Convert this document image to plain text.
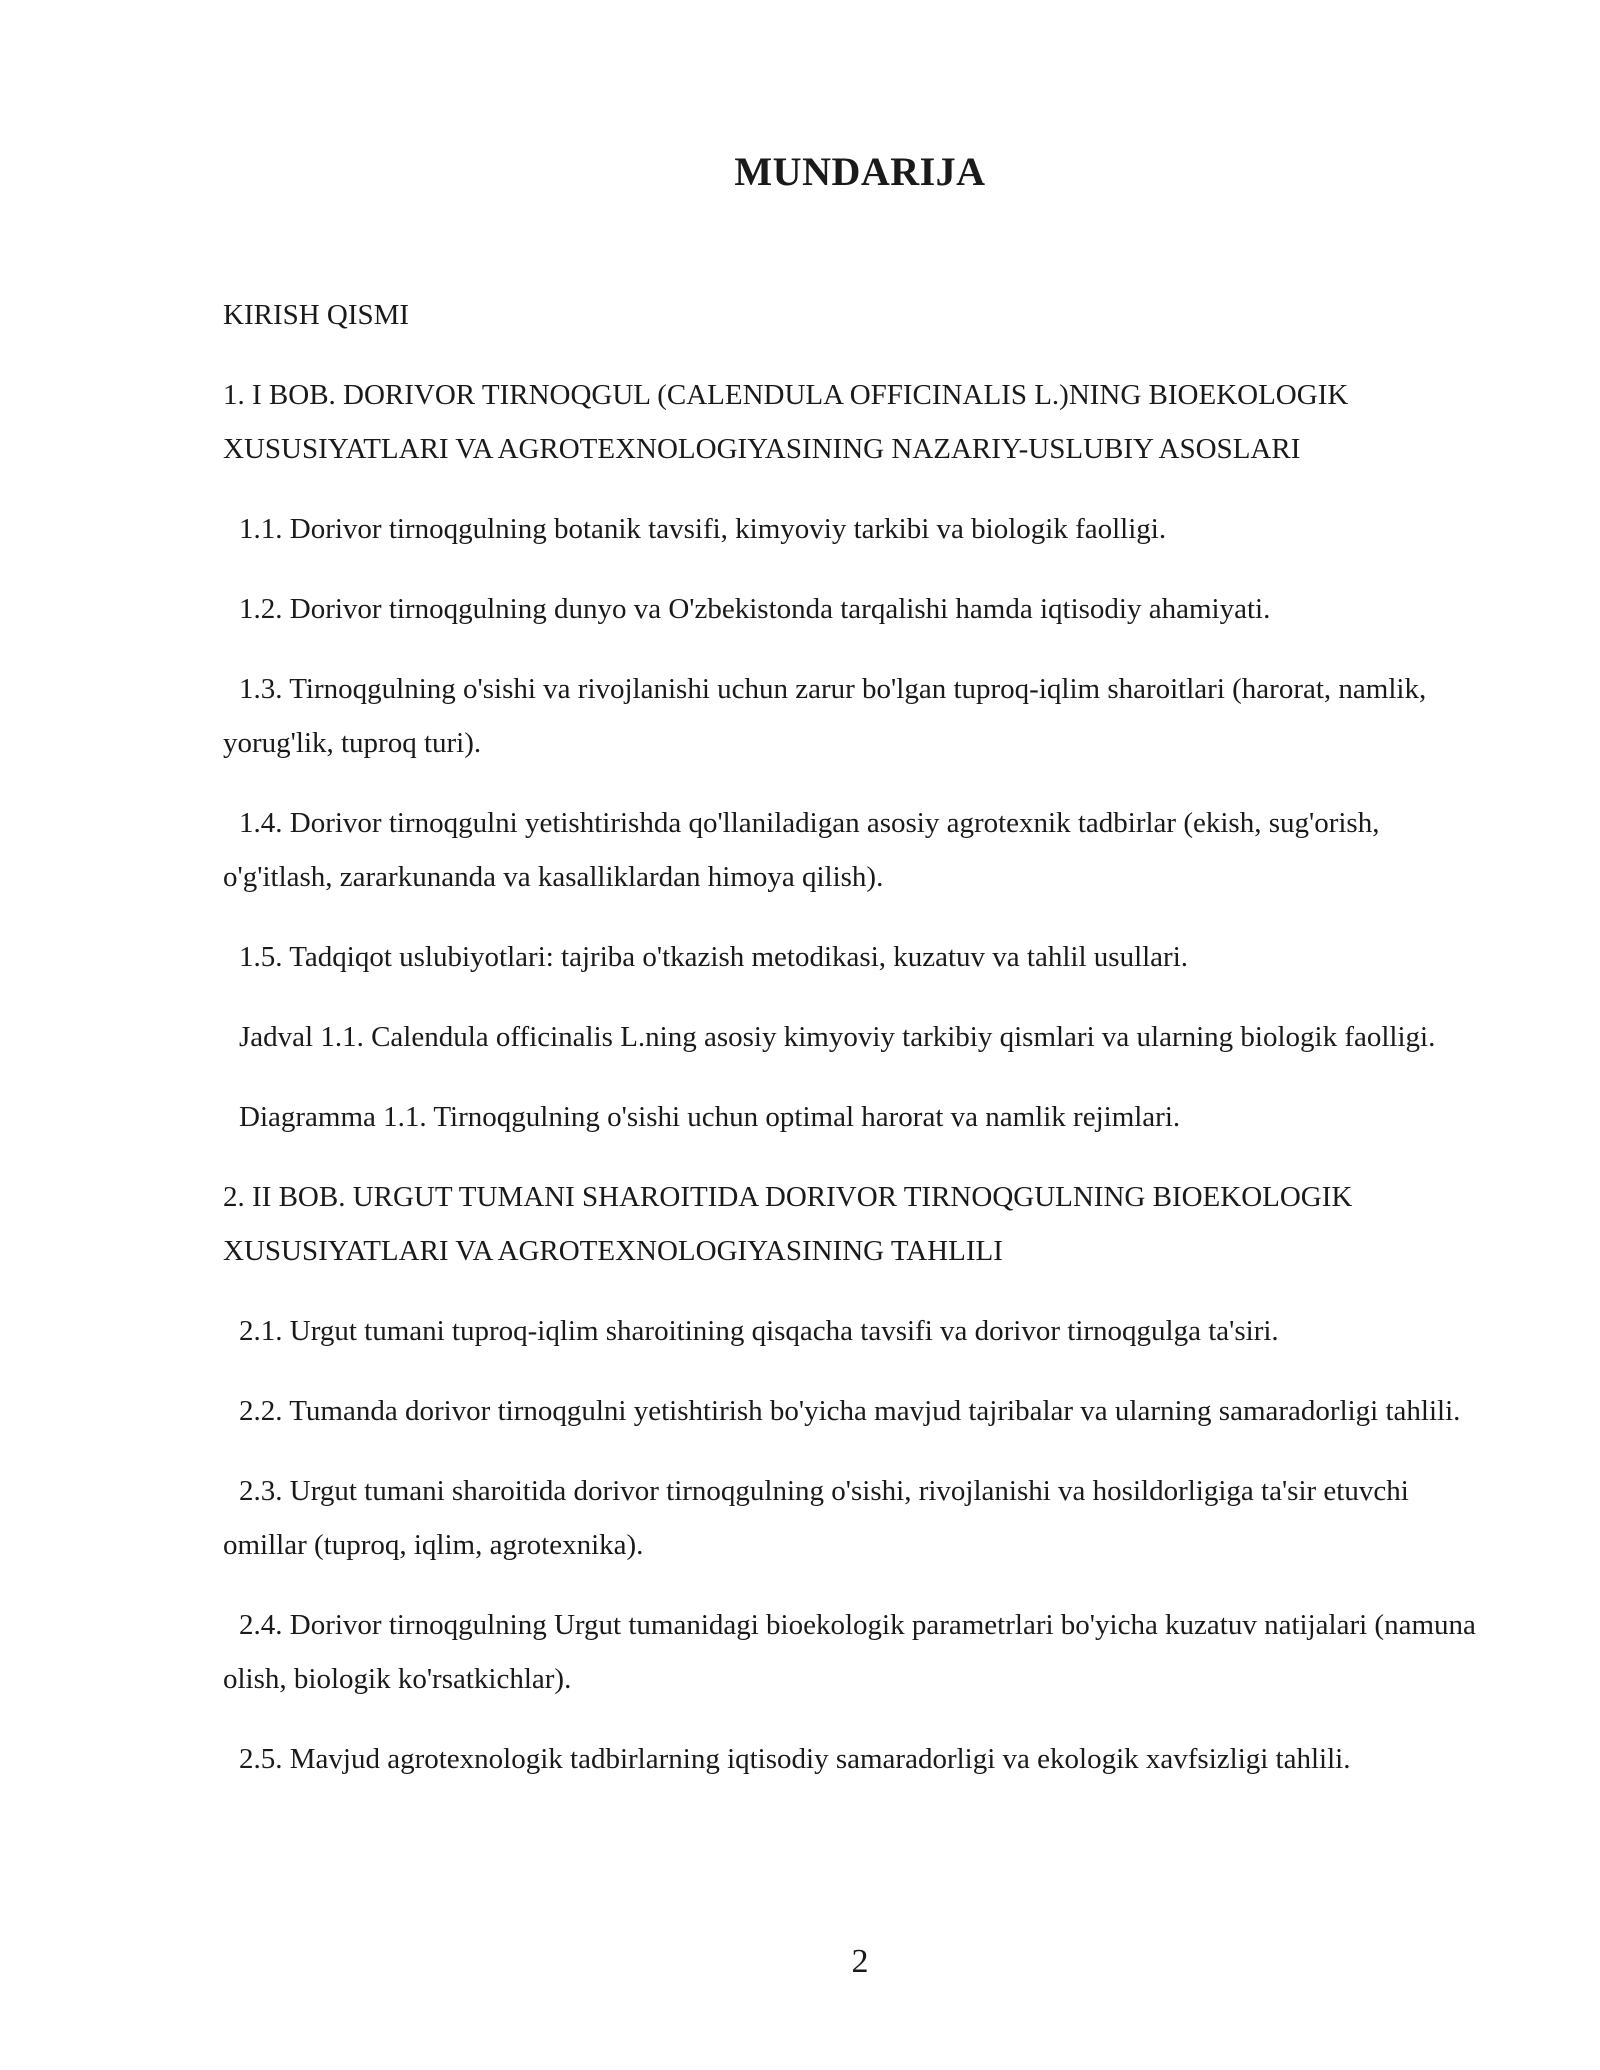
MUNDARIJA

KIRISH QISMI

1. I BOB. DORIVOR TIRNOQGUL (CALENDULA OFFICINALIS L.)NING BIOEKOLOGIK XUSUSIYATLARI VA AGROTEXNOLOGIYASINING NAZARIY-USLUBIY ASOSLARI

1.1. Dorivor tirnoqgulning botanik tavsifi, kimyoviy tarkibi va biologik faolligi.

1.2. Dorivor tirnoqgulning dunyo va O'zbekistonda tarqalishi hamda iqtisodiy ahamiyati.

1.3. Tirnoqgulning o'sishi va rivojlanishi uchun zarur bo'lgan tuproq-iqlim sharoitlari (harorat, namlik, yorug'lik, tuproq turi).

1.4. Dorivor tirnoqgulni yetishtirishda qo'llaniladigan asosiy agrotexnik tadbirlar (ekish, sug'orish, o'g'itlash, zararkunanda va kasalliklardan himoya qilish).

1.5. Tadqiqot uslubiyotlari: tajriba o'tkazish metodikasi, kuzatuv va tahlil usullari.

Jadval 1.1. Calendula officinalis L.ning asosiy kimyoviy tarkibiy qismlari va ularning biologik faolligi.

Diagramma 1.1. Tirnoqgulning o'sishi uchun optimal harorat va namlik rejimlari.

2. II BOB. URGUT TUMANI SHAROITIDA DORIVOR TIRNOQGULNING BIOEKOLOGIK XUSUSIYATLARI VA AGROTEXNOLOGIYASINING TAHLILI

2.1. Urgut tumani tuproq-iqlim sharoitining qisqacha tavsifi va dorivor tirnoqgulga ta'siri.

2.2. Tumanda dorivor tirnoqgulni yetishtirish bo'yicha mavjud tajribalar va ularning samaradorligi tahlili.

2.3. Urgut tumani sharoitida dorivor tirnoqgulning o'sishi, rivojlanishi va hosildorligiga ta'sir etuvchi omillar (tuproq, iqlim, agrotexnika).

2.4. Dorivor tirnoqgulning Urgut tumanidagi bioekologik parametrlari bo'yicha kuzatuv natijalari (namuna olish, biologik ko'rsatkichlar).

2.5. Mavjud agrotexnologik tadbirlarning iqtisodiy samaradorligi va ekologik xavfsizligi tahlili.

2
